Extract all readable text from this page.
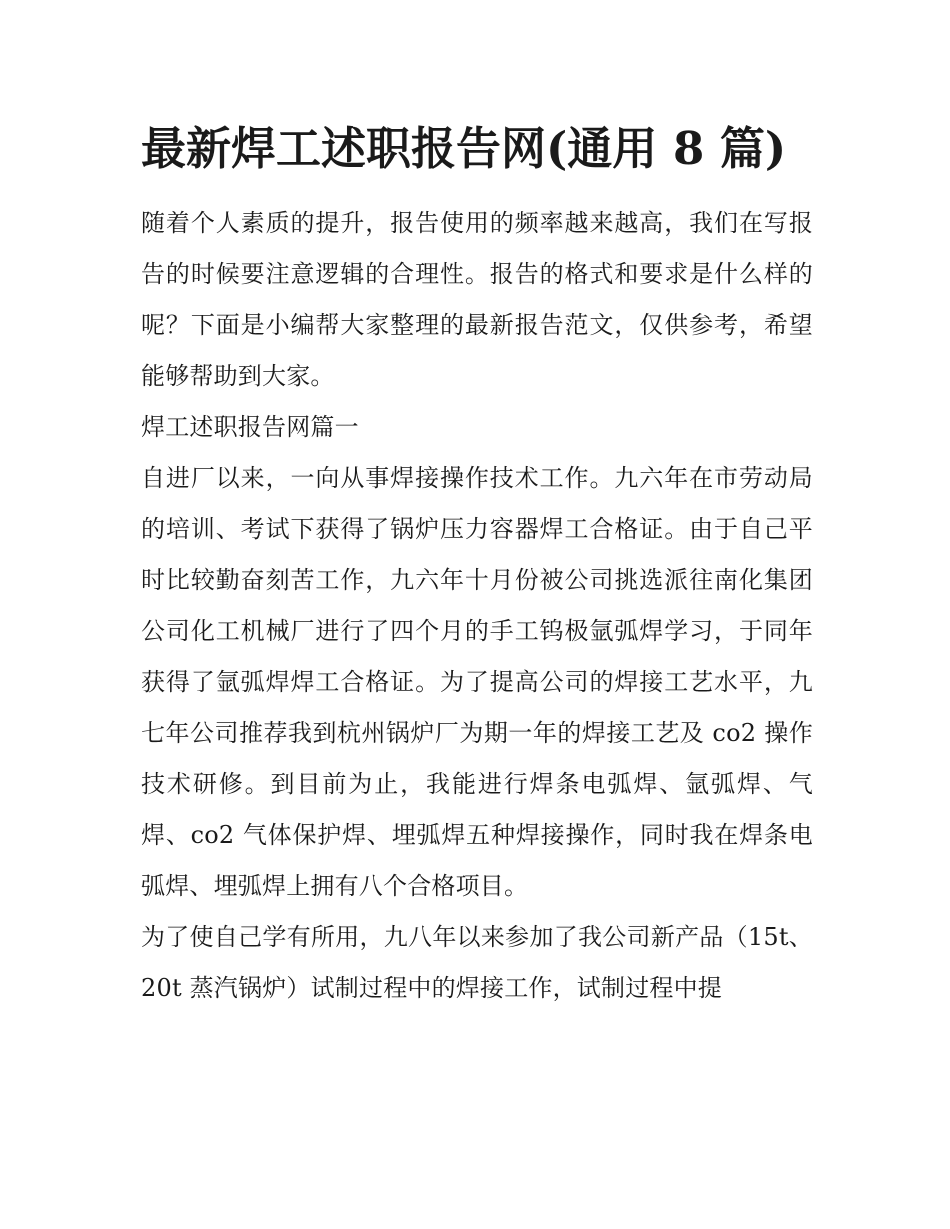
最新焊工述职报告网(通用 8 篇)

随着个人素质的提升，报告使用的频率越来越高，我们在写报告的时候要注意逻辑的合理性。报告的格式和要求是什么样的呢？下面是小编帮大家整理的最新报告范文，仅供参考，希望能够帮助到大家。

焊工述职报告网篇一

自进厂以来，一向从事焊接操作技术工作。九六年在市劳动局的培训、考试下获得了锅炉压力容器焊工合格证。由于自己平时比较勤奋刻苦工作，九六年十月份被公司挑选派往南化集团公司化工机械厂进行了四个月的手工钨极氩弧焊学习，于同年获得了氩弧焊焊工合格证。为了提高公司的焊接工艺水平，九七年公司推荐我到杭州锅炉厂为期一年的焊接工艺及 co2 操作技术研修。到目前为止，我能进行焊条电弧焊、氩弧焊、气焊、co2 气体保护焊、埋弧焊五种焊接操作，同时我在焊条电弧焊、埋弧焊上拥有八个合格项目。

为了使自己学有所用，九八年以来参加了我公司新产品（15t、20t 蒸汽锅炉）试制过程中的焊接工作，试制过程中提
